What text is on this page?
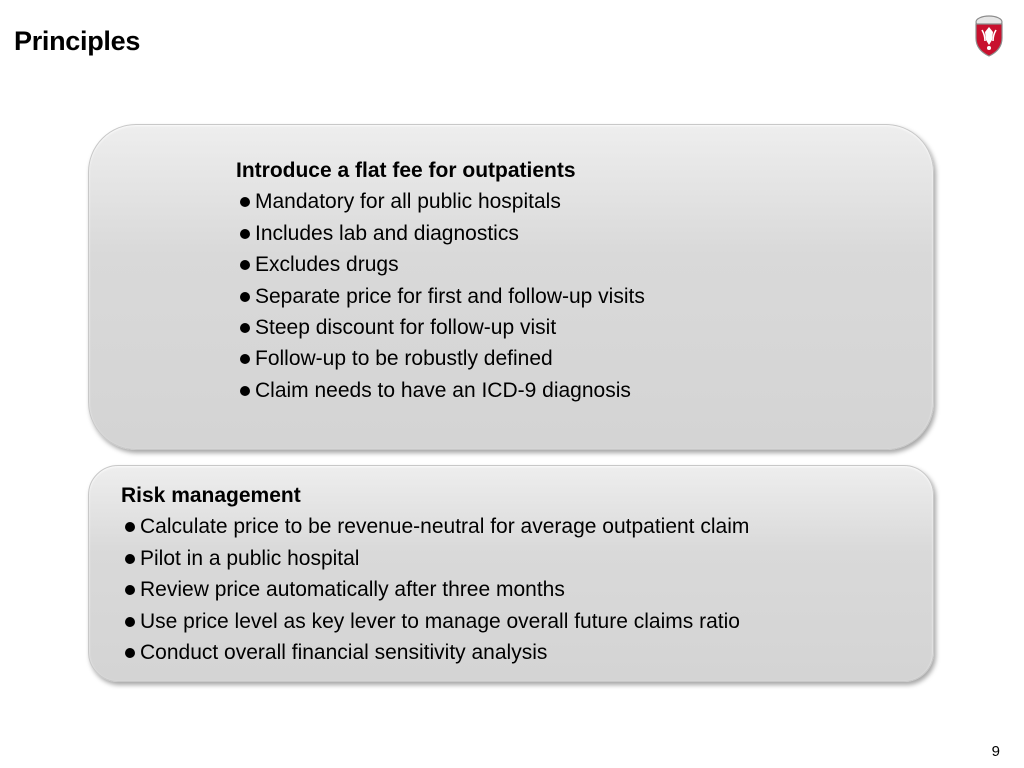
Principles
Introduce a flat fee for outpatients
Mandatory for all public hospitals
Includes lab and diagnostics
Excludes drugs
Separate price for first and follow-up visits
Steep discount for follow-up visit
Follow-up to be robustly defined
Claim needs to have an ICD-9 diagnosis
Risk management
Calculate price to be revenue-neutral for average outpatient claim
Pilot in a public hospital
Review price automatically after three months
Use price level as key lever to manage overall future claims ratio
Conduct overall financial sensitivity analysis
9
